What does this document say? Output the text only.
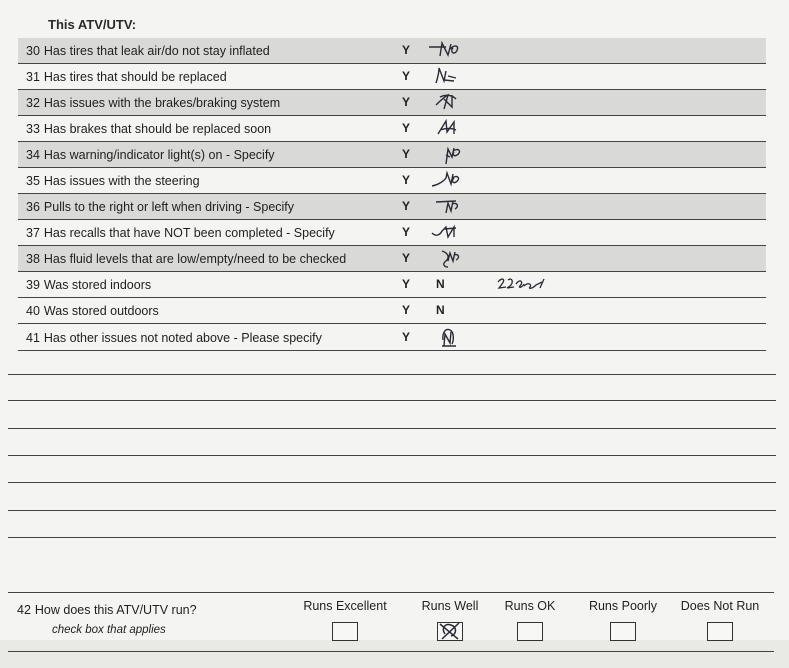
This ATV/UTV:
30 Has tires that leak air/do not stay inflated	Y
31 Has tires that should be replaced	Y
32 Has issues with the brakes/braking system	Y
33 Has brakes that should be replaced soon	Y
34 Has warning/indicator light(s) on - Specify	Y
35 Has issues with the steering	Y
36 Pulls to the right or left when driving - Specify	Y
37 Has recalls that have NOT been completed - Specify	Y
38 Has fluid levels that are low/empty/need to be checked	Y
39 Was stored indoors	Y N
40 Was stored outdoors	Y N
41 Has other issues not noted above - Please specify	Y
42 How does this ATV/UTV run?
check box that applies
Runs Excellent	Runs Well	Runs OK	Runs Poorly	Does Not Run
